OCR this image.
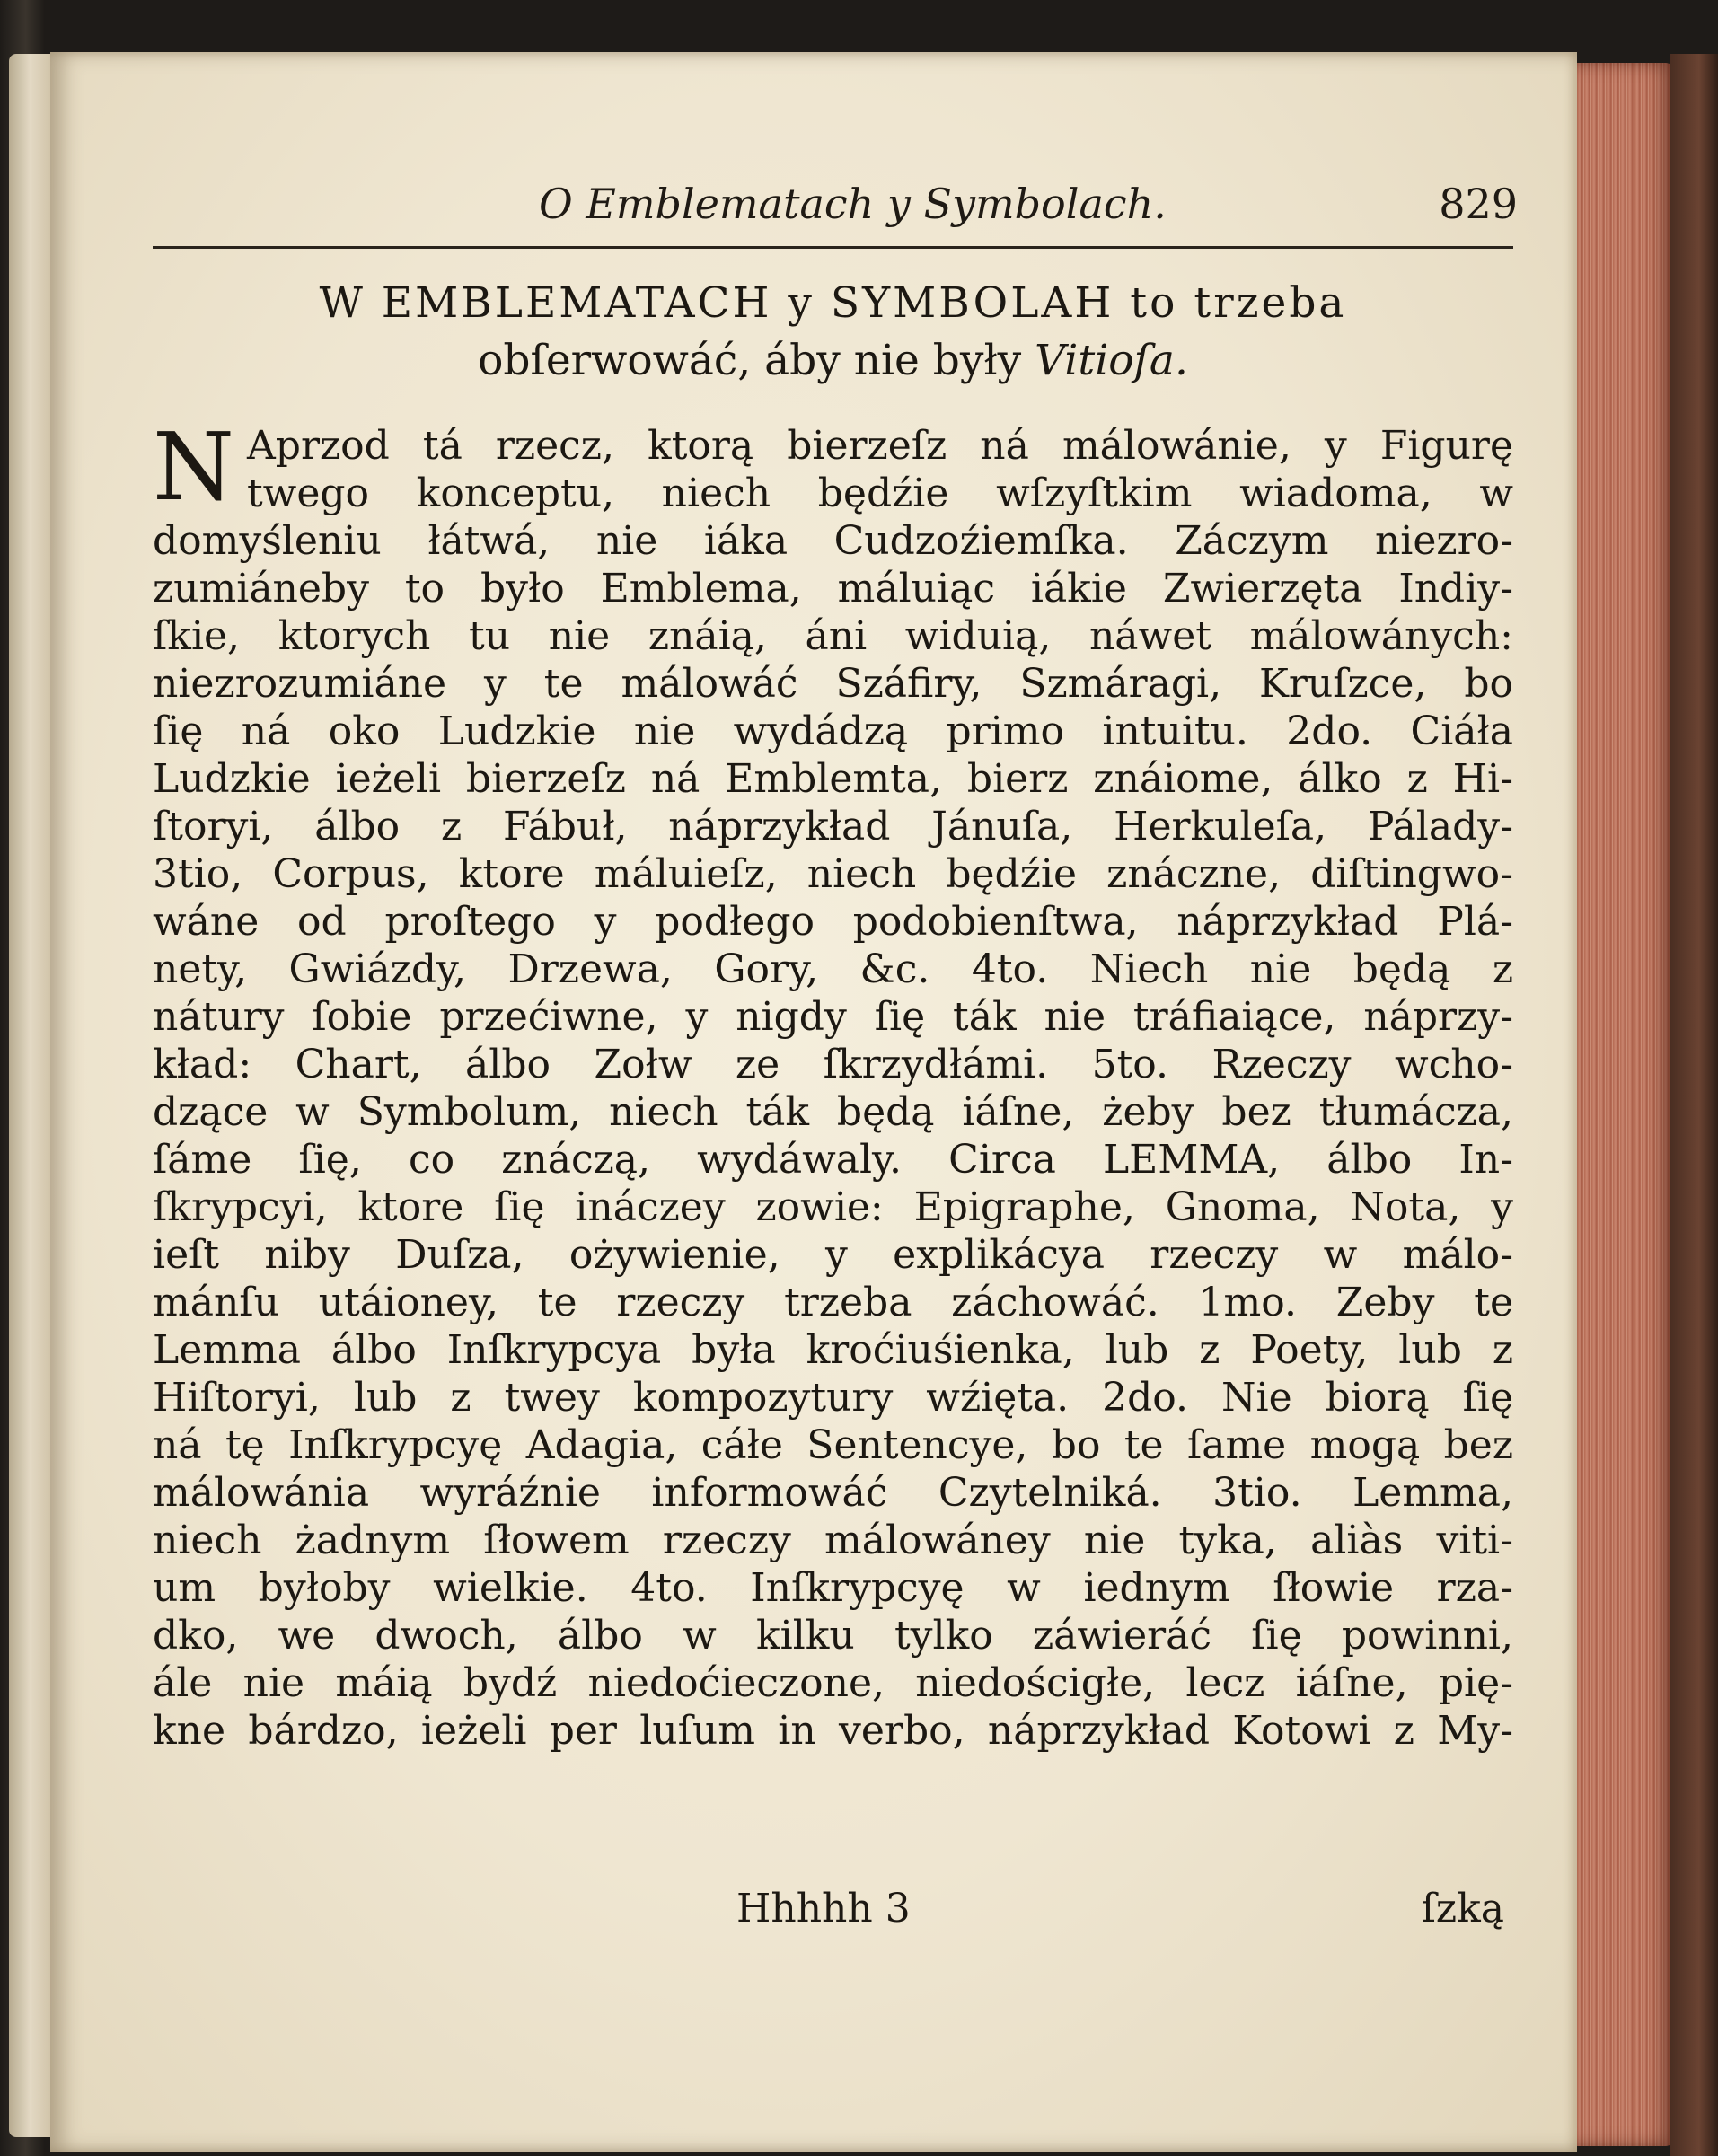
O Emblematach y Symbolach.	829
W EMBLEMATACH y SYMBOLAH to trzeba
obſerwowáć, áby nie były Vitioſa.
N Aprzod tá rzecz, ktorą bierzeſz ná málowánie, y Figurę
twego konceptu, niech będźie wſzyſtkim wiadoma, w
domyśleniu łátwá, nie iáka Cudzoźiemſka. Záczym niezro-
zumiáneby to było Emblema, máluiąc iákie Zwierzęta Indiy-
ſkie, ktorych tu nie znáią, áni widuią, náwet málowánych:
niezrozumiáne y te málowáć Száfiry, Szmáragi, Kruſzce, bo
ſię ná oko Ludzkie nie wydádzą primo intuitu. 2do. Ciáła
Ludzkie ieżeli bierzeſz ná Emblemta, bierz znáiome, álko z Hi-
ſtoryi, álbo z Fábuł, náprzykład Jánuſa, Herkuleſa, Pálady-
3tio, Corpus, ktore máluieſz, niech będźie znáczne, diſtingwo-
wáne od proſtego y podłego podobienſtwa, náprzykład Plá-
nety, Gwiázdy, Drzewa, Gory, &c. 4to. Niech nie będą z
nátury ſobie przećiwne, y nigdy ſię ták nie tráfiaiące, náprzy-
kład: Chart, álbo Zołw ze ſkrzydłámi. 5to. Rzeczy wcho-
dzące w Symbolum, niech ták będą iáſne, żeby bez tłumácza,
ſáme ſię, co znáczą, wydáwaly. Circa LEMMA, álbo In-
ſkrypcyi, ktore ſię ináczey zowie: Epigraphe, Gnoma, Nota, y
ieſt niby Duſza, ożywienie, y explikácya rzeczy w málo-
mánſu utáioney, te rzeczy trzeba záchowáć. 1mo. Zeby te
Lemma álbo Inſkrypcya była krоćiuśienka, lub z Poety, lub z
Hiſtoryi, lub z twey kompozytury wźięta. 2do. Nie biorą ſię
ná tę Inſkrypcyę Adagia, cáłe Sentencye, bo te ſame mogą bez
málowánia wyráźnie informowáć Czytelniká. 3tio. Lemma,
niech żadnym ſłowem rzeczy málowáney nie tyka, aliàs viti-
um byłoby wielkie. 4to. Inſkrypcyę w iednym ſłowie rza-
dko, we dwoch, álbo w kilku tylko záwieráć ſię powinni,
ále nie máią bydź niedoćieczone, niedościgłe, lecz iáſne, pię-
knе bárdzo, ieżeli per luſum in verbo, náprzykład Kotowi z My-
Hhhhh 3	ſzką
